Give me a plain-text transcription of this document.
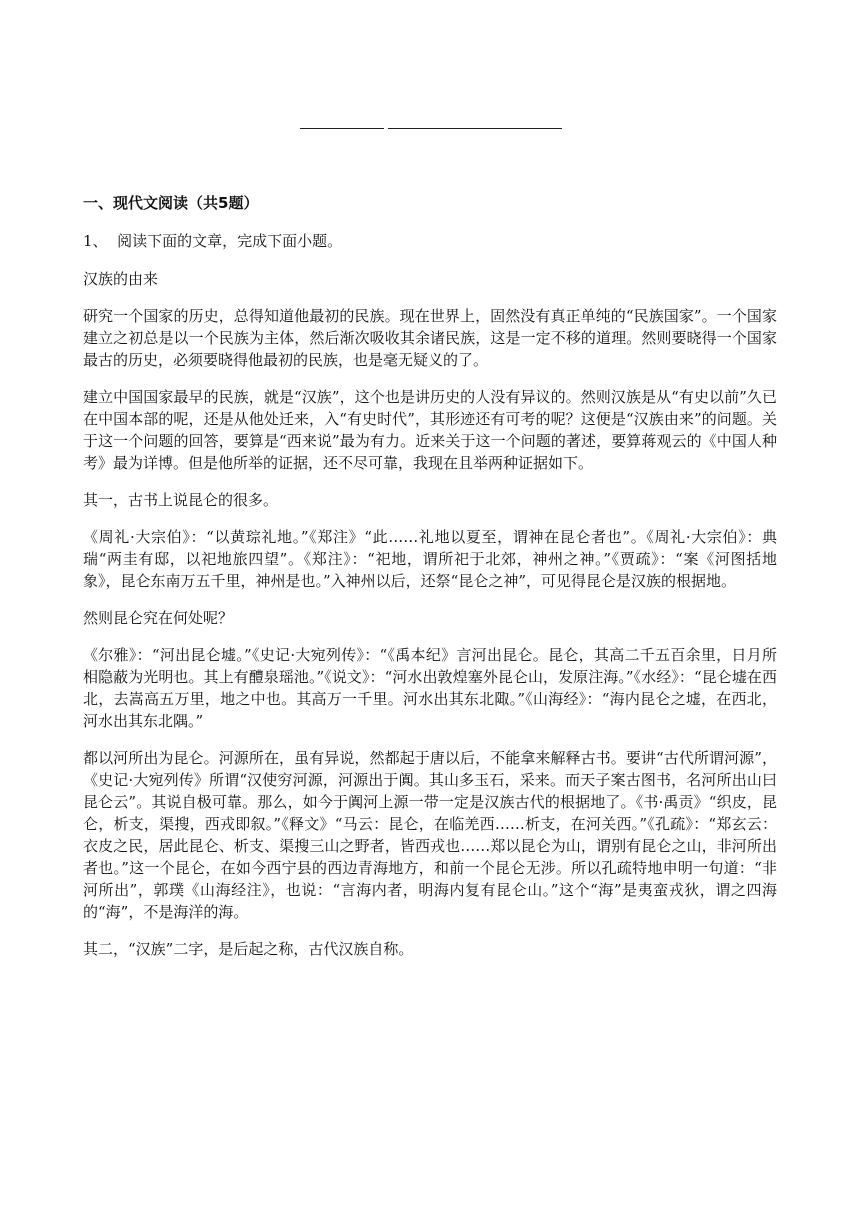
一、现代文阅读（共5题）
1、 阅读下面的文章，完成下面小题。
汉族的由来

研究一个国家的历史，总得知道他最初的民族。现在世界上，固然没有真正单纯的“民族国家”。一个国家建立之初总是以一个民族为主体，然后渐次吸收其余诸民族，这是一定不移的道理。然则要晓得一个国家最古的历史，必须要晓得他最初的民族，也是毫无疑义的了。

建立中国国家最早的民族，就是“汉族”，这个也是讲历史的人没有异议的。然则汉族是从“有史以前”久已在中国本部的呢，还是从他处迁来，入“有史时代”，其形迹还有可考的呢？这便是“汉族由来”的问题。关于这一个问题的回答，要算是“西来说”最为有力。近来关于这一个问题的著述，要算蒋观云的《中国人种考》最为详博。但是他所举的证据，还不尽可靠，我现在且举两种证据如下。

其一，古书上说昆仑的很多。

《周礼·大宗伯》：“以黄琮礼地。”《郑注》“此……礼地以夏至，谓神在昆仑者也”。《周礼·大宗伯》：典瑞“两圭有邸，以祀地旅四望”。《郑注》：“祀地，谓所祀于北郊，神州之神。”《贾疏》：“案《河图括地象》，昆仑东南万五千里，神州是也。”入神州以后，还祭“昆仑之神”，可见得昆仑是汉族的根据地。

然则昆仑究在何处呢？

《尔雅》：“河出昆仑墟。”《史记·大宛列传》：“《禹本纪》言河出昆仑。昆仑，其高二千五百余里，日月所相隐蔽为光明也。其上有醴泉瑶池。”《说文》：“河水出敦煌塞外昆仑山，发原注海。”《水经》：“昆仑墟在西北，去嵩高五万里，地之中也。其高万一千里。河水出其东北陬。”《山海经》：“海内昆仑之墟，在西北，河水出其东北隅。”

都以河所出为昆仑。河源所在，虽有异说，然都起于唐以后，不能拿来解释古书。要讲“古代所谓河源”，《史记·大宛列传》所谓“汉使穷河源，河源出于阗。其山多玉石，采来。而天子案古图书，名河所出山曰昆仑云”。其说自极可靠。那么，如今于阗河上源一带一定是汉族古代的根据地了。《书·禹贡》“织皮，昆仑，析支，渠搜，西戎即叙。”《释文》“马云：昆仑，在临羌西……析支，在河关西。”《孔疏》：“郑玄云：衣皮之民，居此昆仑、析支、渠搜三山之野者，皆西戎也……郑以昆仑为山，谓别有昆仑之山，非河所出者也。”这一个昆仑，在如今西宁县的西边青海地方，和前一个昆仑无涉。所以孔疏特地申明一句道：“非河所出”，郭璞《山海经注》，也说：“言海内者，明海内复有昆仑山。”这个“海”是夷蛮戎狄，谓之四海的“海”，不是海洋的海。

其二，“汉族”二字，是后起之称，古代汉族自称。
